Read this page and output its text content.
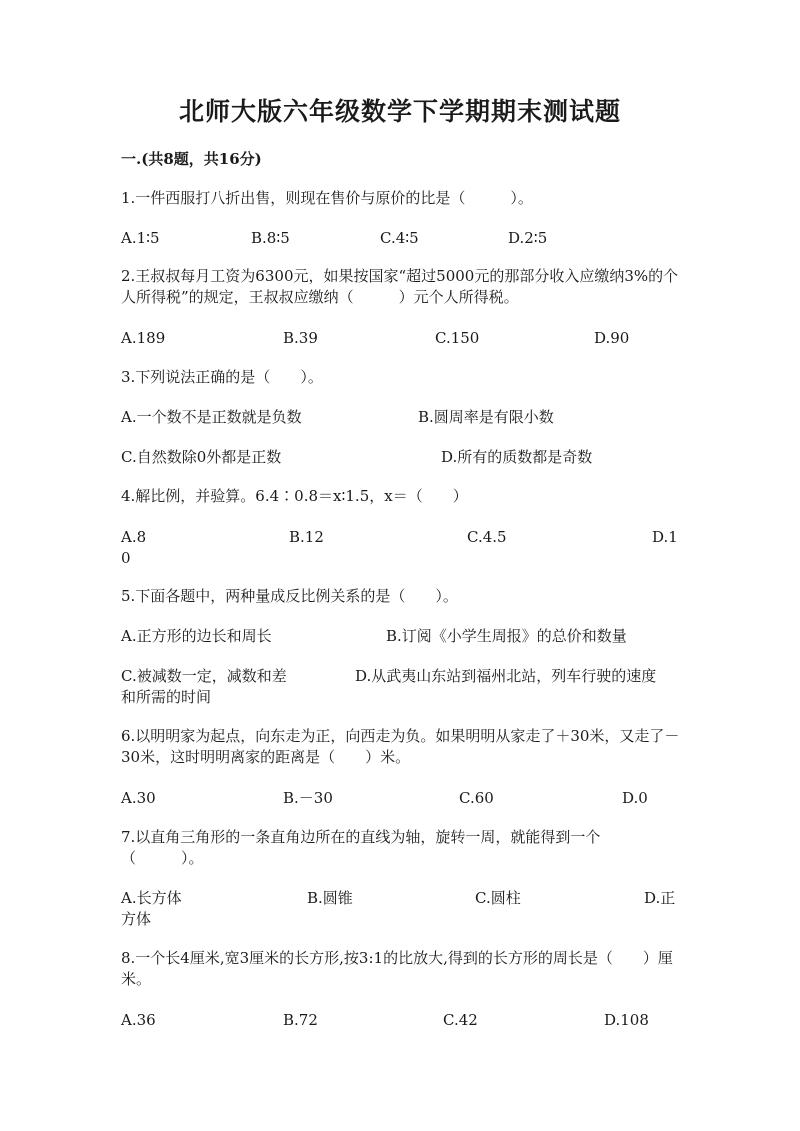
北师大版六年级数学下学期期末测试题
一.(共8题，共16分)
1.一件西服打八折出售，则现在售价与原价的比是（　　　）。
A.1∶5	B.8∶5	C.4∶5	D.2∶5
2.王叔叔每月工资为6300元，如果按国家“超过5000元的那部分收入应缴纳3%的个人所得税”的规定，王叔叔应缴纳（　　　）元个人所得税。
A.189	B.39	C.150	D.90
3.下列说法正确的是（　　）。
A.一个数不是正数就是负数	B.圆周率是有限小数
C.自然数除0外都是正数	D.所有的质数都是奇数
4.解比例，并验算。6.4∶0.8＝x∶1.5，x＝（　　）
A.8	B.12	C.4.5	D.1
0
5.下面各题中，两种量成反比例关系的是（　　）。
A.正方形的边长和周长	B.订阅《小学生周报》的总价和数量
C.被减数一定，减数和差	D.从武夷山东站到福州北站，列车行驶的速度
和所需的时间
6.以明明家为起点，向东走为正，向西走为负。如果明明从家走了＋30米，又走了－30米，这时明明离家的距离是（　　）米。
A.30	B.－30	C.60	D.0
7.以直角三角形的一条直角边所在的直线为轴，旋转一周，就能得到一个（　　　）。
A.长方体	B.圆锥	C.圆柱	D.正
方体
8.一个长4厘米,宽3厘米的长方形,按3:1的比放大,得到的长方形的周长是（　　）厘米。
A.36	B.72	C.42	D.108
